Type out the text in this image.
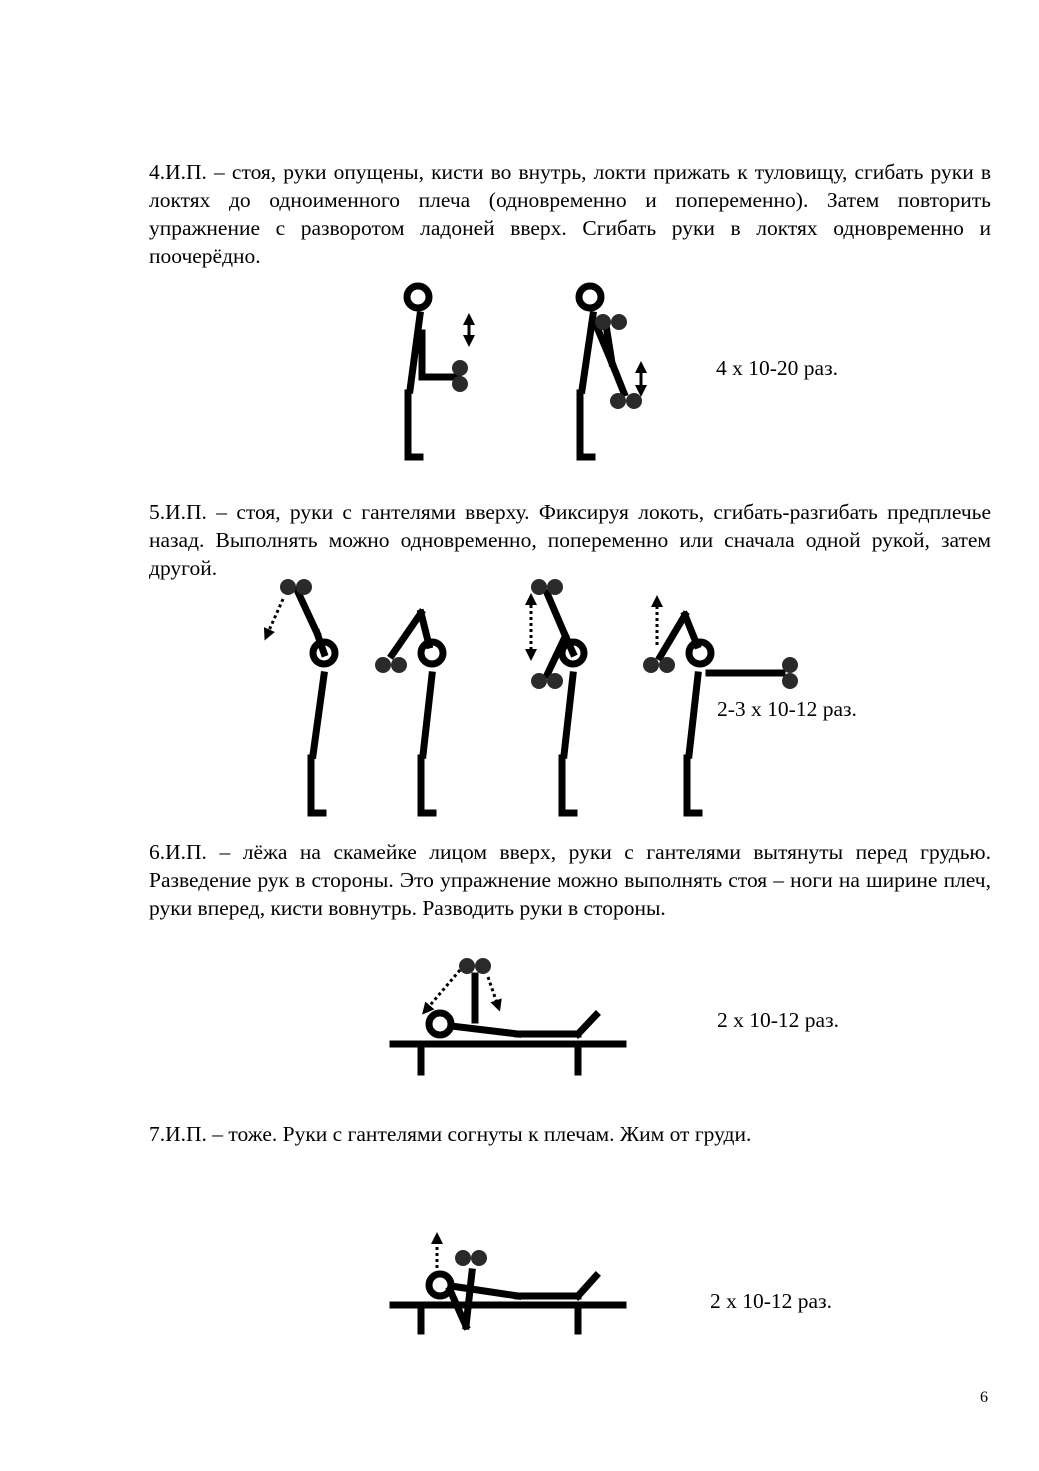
4.И.П. – стоя, руки опущены, кисти во внутрь, локти прижать к туловищу, сгибать руки в локтях до одноименного плеча (одновременно и попеременно). Затем повторить упражнение с разворотом ладоней вверх. Сгибать руки в локтях одновременно и поочерёдно.

4 х 10-20 раз.

5.И.П. – стоя, руки с гантелями вверху. Фиксируя локоть, сгибать-разгибать предплечье назад. Выполнять можно одновременно, попеременно или сначала одной рукой, затем другой.

2-3 х 10-12 раз.

6.И.П. – лёжа на скамейке лицом вверх, руки с гантелями вытянуты перед грудью. Разведение рук в стороны. Это упражнение можно выполнять стоя – ноги на ширине плеч, руки вперед, кисти вовнутрь. Разводить руки в стороны.

2 х 10-12 раз.

7.И.П. – тоже. Руки с гантелями согнуты к плечам. Жим от груди.

2 х 10-12 раз.
6
